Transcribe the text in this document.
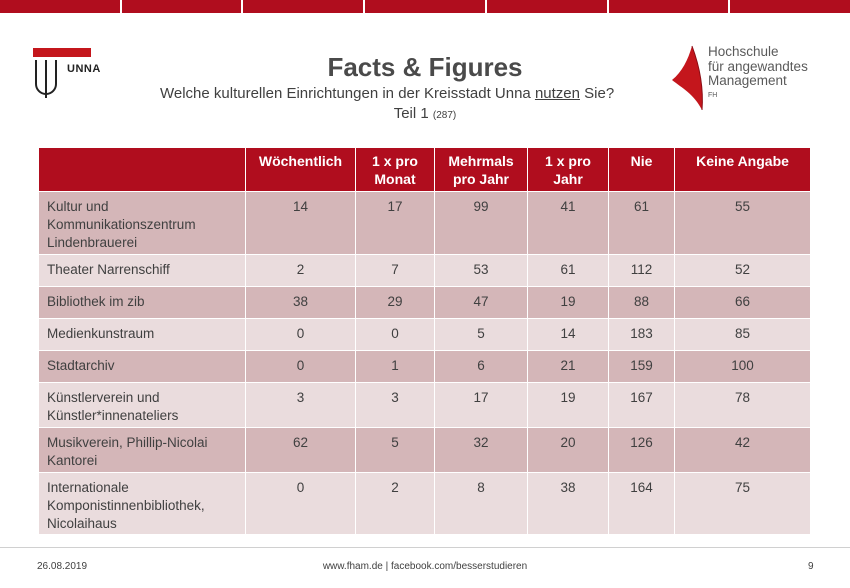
UNNA
Hochschule
für angewandtes
Management
FH
Facts & Figures
Welche kulturellen Einrichtungen in der Kreisstadt Unna nutzen Sie?
Teil 1 (287)
	Wöchentlich	1 x pro Monat	Mehrmals pro Jahr	1 x pro Jahr	Nie	Keine Angabe
Kultur und Kommunikationszentrum Lindenbrauerei	14	17	99	41	61	55
Theater Narrenschiff	2	7	53	61	112	52
Bibliothek im zib	38	29	47	19	88	66
Medienkunstraum	0	0	5	14	183	85
Stadtarchiv	0	1	6	21	159	100
Künstlerverein und Künstler*innenateliers	3	3	17	19	167	78
Musikverein, Phillip-Nicolai Kantorei	62	5	32	20	126	42
Internationale Komponistinnenbibliothek, Nicolaihaus	0	2	8	38	164	75
26.08.2019	www.fham.de | facebook.com/besserstudieren	9
